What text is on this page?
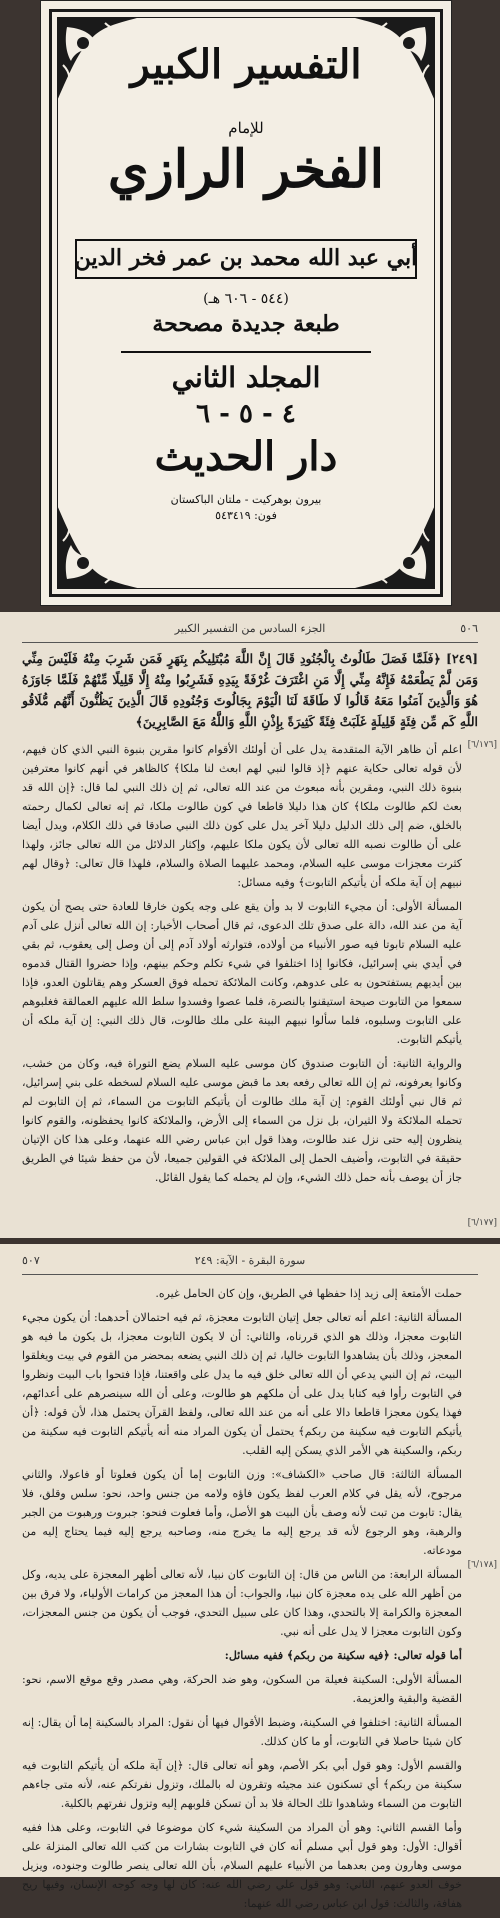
التفسير الكبير
للإمام
الفخر الرازي
أبي عبد الله محمد بن عمر فخر الدين
(٥٤٤ - ٦٠٦ هـ)
طبعة جديدة مصححة
المجلد الثاني
٤ - ٥ - ٦
دار الحديث
بيرون بوهركيت - ملتان الباكستان
فون: ٥٤٣٤١٩
٥٠٦
الجزء السادس من التفسير الكبير
[٢٤٩] ﴿فَلَمَّا فَصَلَ طَالُوتُ بِالْجُنُودِ قَالَ إِنَّ اللَّهَ مُبْتَلِيكُم بِنَهَرٍ فَمَن شَرِبَ مِنْهُ فَلَيْسَ مِنِّي وَمَن لَّمْ يَطْعَمْهُ فَإِنَّهُ مِنِّي إِلَّا مَنِ اغْتَرَفَ غُرْفَةً بِيَدِهِ فَشَرِبُوا مِنْهُ إِلَّا قَلِيلًا مِّنْهُمْ فَلَمَّا جَاوَزَهُ هُوَ وَالَّذِينَ آمَنُوا مَعَهُ قَالُوا لَا طَاقَةَ لَنَا الْيَوْمَ بِجَالُوتَ وَجُنُودِهِ قَالَ الَّذِينَ يَظُنُّونَ أَنَّهُم مُّلَاقُو اللَّهِ كَم مِّن فِئَةٍ قَلِيلَةٍ غَلَبَتْ فِئَةً كَثِيرَةً بِإِذْنِ اللَّهِ وَاللَّهُ مَعَ الصَّابِرِينَ﴾

اعلم أن ظاهر الآية المتقدمة يدل على أن أولئك الأقوام كانوا مقرين بنبوة النبي الذي كان فيهم، لأن قوله تعالى حكاية عنهم ﴿إذ قالوا لنبي لهم ابعث لنا ملكا﴾ كالظاهر في أنهم كانوا معترفين بنبوة ذلك النبي، ومقرين بأنه مبعوث من عند الله تعالى، ثم إن ذلك النبي لما قال: ﴿إن الله قد بعث لكم طالوت ملكا﴾ كان هذا دليلا قاطعا في كون طالوت ملكا، ثم إنه تعالى لكمال رحمته بالخلق، ضم إلى ذلك الدليل دليلا آخر يدل على كون ذلك النبي صادقا في ذلك الكلام، ويدل أيضا على أن طالوت نصبه الله تعالى لأن يكون ملكا عليهم، وإكثار الدلائل من الله تعالى جائز، ولهذا كثرت معجزات موسى عليه السلام، ومحمد عليهما الصلاة والسلام، فلهذا قال تعالى: ﴿وقال لهم نبيهم إن آية ملكه أن يأتيكم التابوت﴾ وفيه مسائل:

المسألة الأولى: أن مجيء التابوت لا بد وأن يقع على وجه يكون خارقا للعادة حتى يصح أن يكون آية من عند الله، دالة على صدق تلك الدعوى، ثم قال أصحاب الأخبار: إن الله تعالى أنزل على آدم عليه السلام تابوتا فيه صور الأنبياء من أولاده، فتوارثه أولاد آدم إلى أن وصل إلى يعقوب، ثم بقي في أيدي بني إسرائيل، فكانوا إذا اختلفوا في شيء تكلم وحكم بينهم، وإذا حضروا القتال قدموه بين أيديهم يستفتحون به على عدوهم، وكانت الملائكة تحمله فوق العسكر وهم يقاتلون العدو، فإذا سمعوا من التابوت صيحة استيقنوا بالنصرة، فلما عصوا وفسدوا سلط الله عليهم العمالقة فغلبوهم على التابوت وسلبوه، فلما سألوا نبيهم البينة على ملك طالوت، قال ذلك النبي: إن آية ملكه أن يأتيكم التابوت.

والرواية الثانية: أن التابوت صندوق كان موسى عليه السلام يضع التوراة فيه، وكان من خشب، وكانوا يعرفونه، ثم إن الله تعالى رفعه بعد ما قبض موسى عليه السلام لسخطه على بني إسرائيل، ثم قال نبي أولئك القوم: إن آية ملك طالوت أن يأتيكم التابوت من السماء، ثم إن التابوت لم تحمله الملائكة ولا الثيران، بل نزل من السماء إلى الأرض، والملائكة كانوا يحفظونه، والقوم كانوا ينظرون إليه حتى نزل عند طالوت، وهذا قول ابن عباس رضي الله عنهما، وعلى هذا كان الإتيان حقيقة في التابوت، وأضيف الحمل إلى الملائكة في القولين جميعا، لأن من حفظ شيئا في الطريق جاز أن يوصف بأنه حمل ذلك الشيء، وإن لم يحمله كما يقول القائل.

[٦/١٧٦]
[٦/١٧٧]
٥٠٧	سورة البقرة - الآية: ٢٤٩

حملت الأمتعة إلى زيد إذا حفظها في الطريق، وإن كان الحامل غيره.

المسألة الثانية: اعلم أنه تعالى جعل إتيان التابوت معجزة، ثم فيه احتمالان أحدهما: أن يكون مجيء التابوت معجزا، وذلك هو الذي قررناه، والثاني: أن لا يكون التابوت معجزا، بل يكون ما فيه هو المعجز، وذلك بأن يشاهدوا التابوت خاليا، ثم إن ذلك النبي يضعه بمحضر من القوم في بيت ويغلقوا البيت، ثم إن النبي يدعي أن الله تعالى خلق فيه ما يدل على واقعتنا، فإذا فتحوا باب البيت ونظروا في التابوت رأوا فيه كتابا يدل على أن ملكهم هو طالوت، وعلى أن الله سينصرهم على أعدائهم، فهذا يكون معجزا قاطعا دالا على أنه من عند الله تعالى، ولفظ القرآن يحتمل هذا، لأن قوله: ﴿أن يأتيكم التابوت فيه سكينة من ربكم﴾ يحتمل أن يكون المراد منه أنه يأتيكم التابوت فيه سكينة من ربكم، والسكينة هي الأمر الذي يسكن إليه القلب.

المسألة الثالثة: قال صاحب «الكشاف»: وزن التابوت إما أن يكون فعلوتا أو فاعولا، والثاني مرجوح، لأنه يقل في كلام العرب لفظ يكون فاؤه ولامه من جنس واحد، نحو: سلس وقلق، فلا يقال: تابوت من تبت لأنه وصف بأن البيت هو الأصل، وأما فعلوت فنحو: جبروت ورهبوت من الجبر والرهبة، وهو الرجوع لأنه قد يرجع إليه ما يخرج منه، وصاحبه يرجع إليه فيما يحتاج إليه من مودعاته.

المسألة الرابعة: من الناس من قال: إن التابوت كان نبيا، لأنه تعالى أظهر المعجزة على يديه، وكل من أظهر الله على يده معجزة كان نبيا، والجواب: أن هذا المعجز من كرامات الأولياء، ولا فرق بين المعجزة والكرامة إلا بالتحدي، وهذا كان على سبيل التحدي، فوجب أن يكون من جنس المعجزات، وكون التابوت معجزا لا يدل على أنه نبي.

أما قوله تعالى: ﴿فيه سكينة من ربكم﴾ ففيه مسائل:

المسألة الأولى: السكينة فعيلة من السكون، وهو ضد الحركة، وهي مصدر وقع موقع الاسم، نحو: القضية والبقية والعزيمة.

المسألة الثانية: اختلفوا في السكينة، وضبط الأقوال فيها أن نقول: المراد بالسكينة إما أن يقال: إنه كان شيئا حاصلا في التابوت، أو ما كان كذلك.

والقسم الأول: وهو قول أبي بكر الأصم، وهو أنه تعالى قال: ﴿إن آية ملكه أن يأتيكم التابوت فيه سكينة من ربكم﴾ أي تسكنون عند مجيئه وتقرون له بالملك، وتزول نفرتكم عنه، لأنه متى جاءهم التابوت من السماء وشاهدوا تلك الحالة فلا بد أن تسكن قلوبهم إليه وتزول نفرتهم بالكلية.

وأما القسم الثاني: وهو أن المراد من السكينة شيء كان موضوعا في التابوت، وعلى هذا ففيه أقوال: الأول: وهو قول أبي مسلم أنه كان في التابوت بشارات من كتب الله تعالى المنزلة على موسى وهارون ومن بعدهما من الأنبياء عليهم السلام، بأن الله تعالى ينصر طالوت وجنوده، ويزيل خوف العدو عنهم، الثاني: وهو قول علي رضي الله عنه: كان لها وجه كوجه الإنسان، وفيها ريح هفافة، والثالث: قول ابن عباس رضي الله عنهما:

[٦/١٧٨]
